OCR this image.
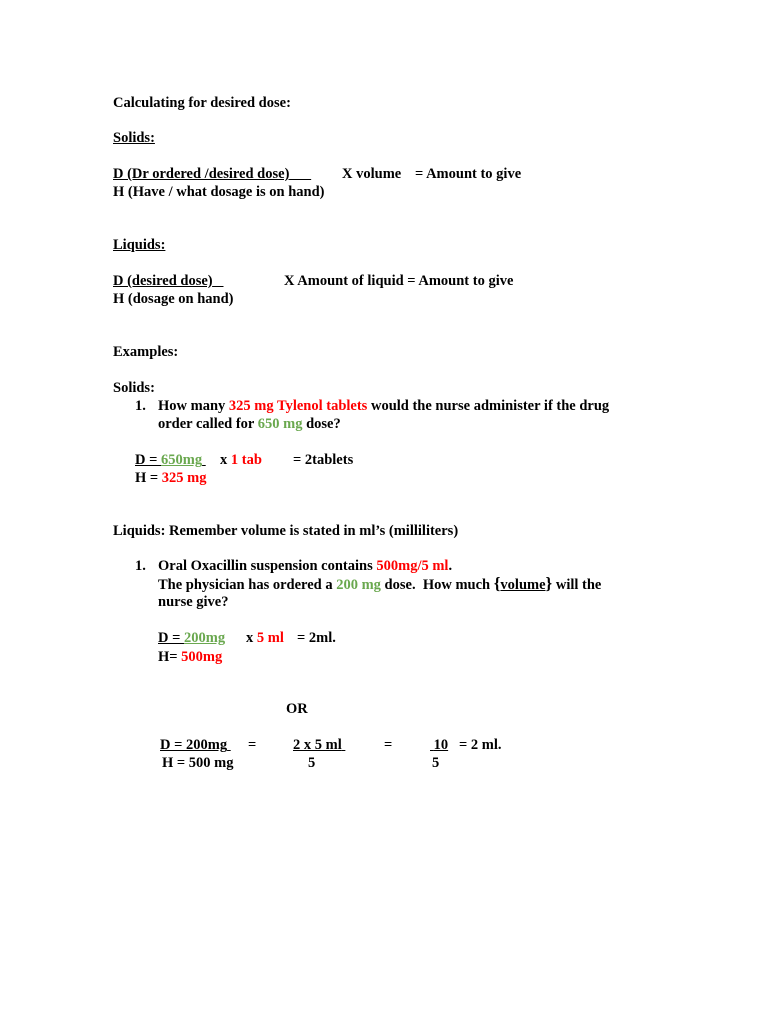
Calculating for desired dose:
Solids:
D (Dr ordered /desired dose)	X volume = Amount to give
H (Have / what dosage is on hand)
Liquids:
D (desired dose)	X Amount of liquid = Amount to give
H (dosage on hand)
Examples:
Solids:
1. How many 325 mg Tylenol tablets would the nurse administer if the drug
order called for 650 mg dose?
D = 650mg x 1 tab = 2tablets
H = 325 mg
Liquids: Remember volume is stated in ml’s (milliliters)
1. Oral Oxacillin suspension contains 500mg/5 ml.
The physician has ordered a 200 mg dose.  How much {volume} will the
nurse give?
D = 200mg x 5 ml = 2ml.
H= 500mg
OR
D = 200mg =	2 x 5 ml	=	10 = 2 ml.
H = 500 mg	5	5
